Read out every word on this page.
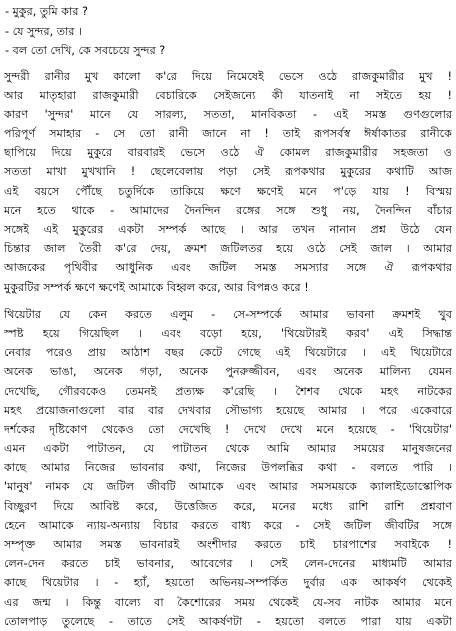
- মুকুর, তুমি কার ?
- যে সুন্দর, তার ।
- বল তো দেখি, কে সবচেয়ে সুন্দর ?
সুন্দরী রানীর মুখ কালো ক'রে দিয়ে নিমেষেই ভেসে ওঠে রাজকুমারীর মুখ !
আর মাতৃহারা রাজকুমারী বেচারিকে সেইজন্যে কী যাতনাই না সইতে হয় !
কারণ 'সুন্দর' মানে যে সারল্য, সততা, মানবিকতা - এই সমস্ত গুণগুলোর
পরিপূর্ণ সমাহার - সে তো রানী জানে না ! তাই রূপসর্বস্ব ঈর্ষাকাতর রানীকে
ছাপিয়ে দিয়ে মুকুরে বারবারই ভেসে ওঠে ঐ কোমল রাজকুমারীর সহজতা ও
সততা মাখা মুখখানি ! ছেলেবেলায় পড়া সেই রূপকথার মুকুরের কথাটি আজ
এই বয়সে পৌঁছে চতুর্দিকে তাকিয়ে ক্ষণে ক্ষণেই মনে প'ড়ে যায় ! বিস্ময়
মনে হতে থাকে - আমাদের দৈনন্দিন রঙ্গের সঙ্গে শুধু নয়, দৈনন্দিন বাঁচার
সঙ্গেই এই মুকুরের একটা সম্পর্ক আছে । আর তখন নানান প্রশ্ন উঠে যেন
চিন্তার জাল তৈরী ক'রে দেয়, ক্রমশ জটিলতর হয়ে ওঠে সেই জাল । আমার
আজকের পৃথিবীর আধুনিক এবং জটিল সমস্ত সমস্যার সঙ্গে ঐ রূপকথার
মুকুরটির সম্পর্ক ক্ষণে ক্ষণেই আমাকে বিহ্বল করে, আর বিপন্নও করে !
থিয়েটার যে কেন করতে এলুম - সে-সম্পর্কে আমার ভাবনা ক্রমশই খুব
স্পষ্ট হয়ে গিয়েছিল । এবং বড়ো হয়ে, 'থিয়েটারই করব' এই সিদ্ধান্ত
নেবার পরেও প্রায় আঠাশ বছর কেটে গেছে এই থিয়েটারে । এই থিয়েটারে
অনেক ভাঙা, অনেক গড়া, অনেক পুনরুজ্জীবন, এবং অনেক মালিন্য যেমন
দেখেছি, গৌরবকেও তেমনই প্রত্যক্ষ ক'রেছি । শৈশব থেকে মহৎ নাটকের
মহৎ প্রয়োজনাগুলো বার বার দেখবার সৌভাগ্য হয়েছে আমার । পরে একেবারে
দর্শকের দৃষ্টিকোণ থেকেও তো দেখেছি ! দেখে দেখে মনে হয়েছে - 'থিয়েটার'
এমন একটা পাটাতন, যে পাটাতন থেকে আমি আমার সময়ের মানুষজনের
কাছে আমার নিজের ভাবনার কথা, নিজের উপলব্ধির কথা - বলতে পারি ।
'মানুষ' নামক যে জটিল জীবটি আমাকে এবং আমার সমসময়কে ক্যালাইডোস্কোপিক
বিচ্ছুরণ দিয়ে আবিষ্ট করে, উত্তেজিত করে, মনের মধ্যে রাশি রাশি প্রশ্নবাণ
হেনে আমাকে ন্যায়-অন্যায় বিচার করতে বাধ্য করে - সেই জটিল জীবটির সঙ্গে
সম্পৃক্ত আমার সমস্ত ভাবনারই অংশীদার করতে চাই চারপাশের সবাইকে !
লেন-দেন করতে চাই ভাবনার, আবেগের । সেই লেন-দেনের মাধ্যমটি আমার
কাছে থিয়েটার । - হ্যাঁ, হয়তো অভিনয়-সম্পর্কিত দুর্বার এক আকর্ষণ থেকেই
এর জন্ম । কিন্তু বাল্যে বা কৈশোরের সময় থেকেই যে-সব নাটক আমার মনে
তোলপাড় তুলেছে - তাতে সেই আকর্ষণটা - হয়তো বলতে পারা যায় একটা
